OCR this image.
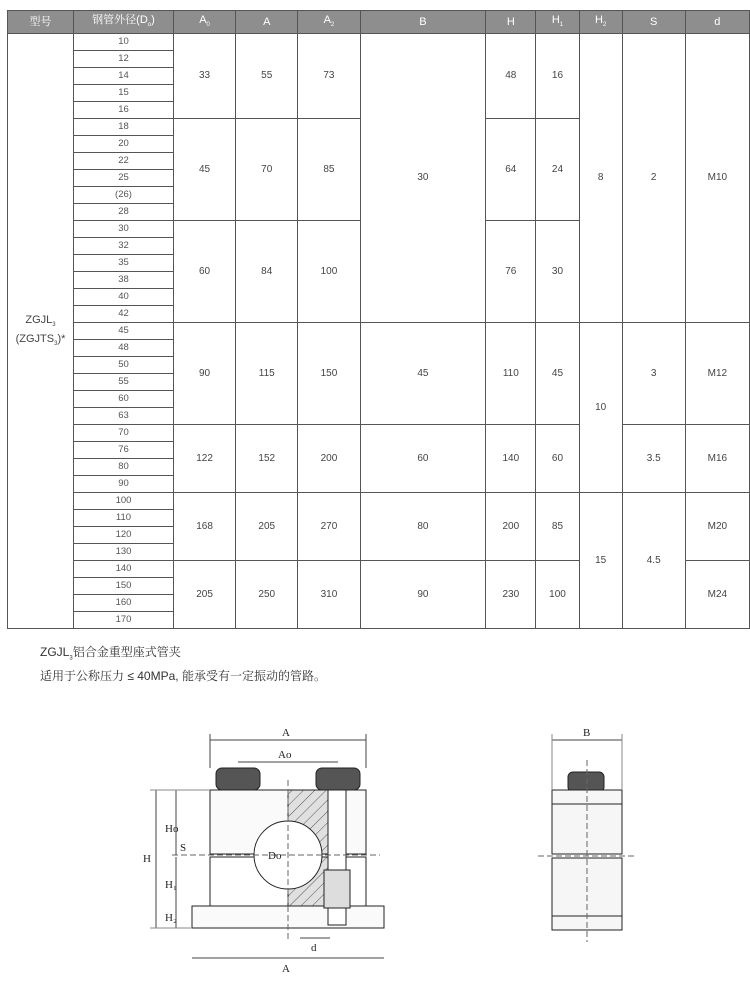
型号	钢管外径$(D_o)$	$A_0$	A	$A_2$	B	H	$H_1$	$H_2$	S	d

$ZGJL_3$
$(ZGJTS_3)*$	10	33	55	73	30	48	16	8	2	M10
	12									
	14									
	15									
	16									
	18	45	70	85		64	24			
	20									
	22									
	25									
	(26)									
	28									
	30	60	84	100		76	30			
	32									
	35									
	38									
	40									
	42									
	45	90	115	150	45	110	45	10	3	M12
	48									
	50									
	55									
	60									
	63									
	70	122	152	200	60	140	60		3.5	M16
	76									
	80									
	90									
	100	168	205	270	80	200	85	15	4.5	M20
	110									
	120									
	130									
	140	205	250	310	90	230	100			M24
	150									
	160									
	170									
$ZGJL_3$铝合金重型座式管夹
适用于公称压力 ≤ 40MPa, 能承受有一定振动的管路。
A
Ao
Do
H
Ho
S
H₁
H₂
d
A
B
